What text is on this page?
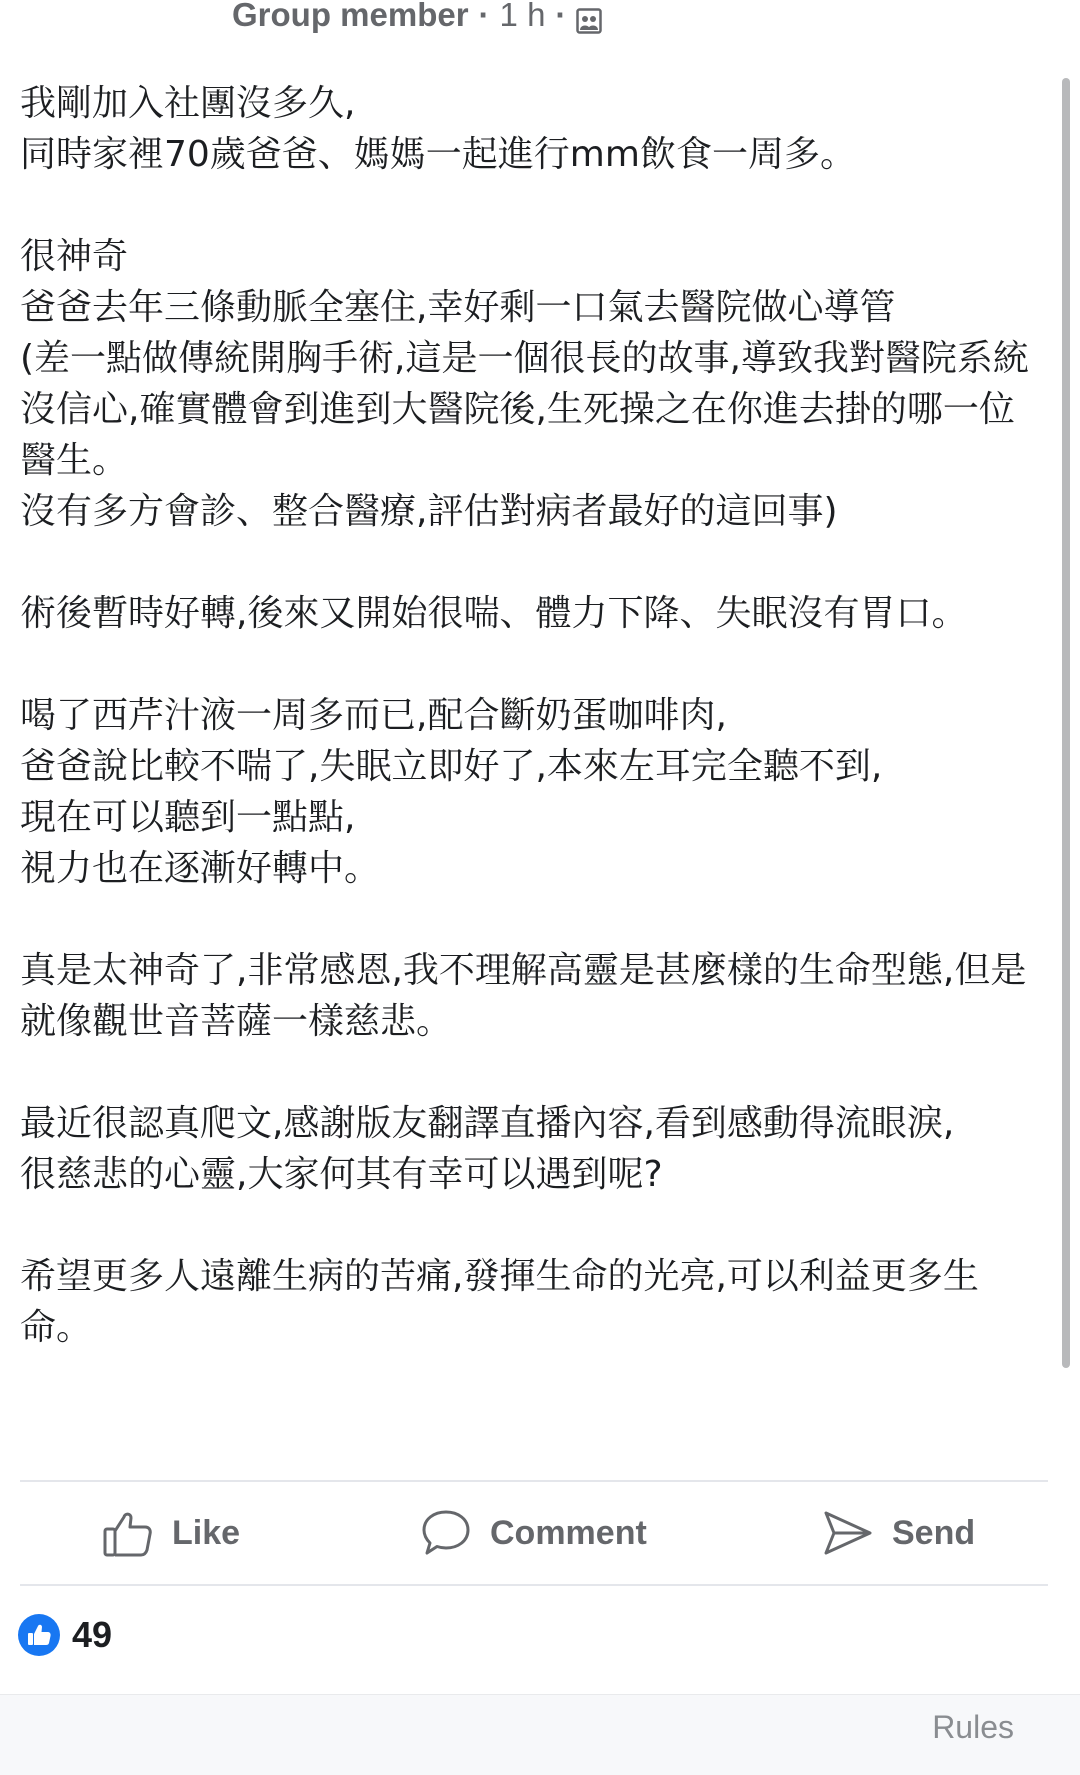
Group member · 1 h ·

我剛加入社團沒多久,
同時家裡70歲爸爸、媽媽一起進行mm飲食一周多。

很神奇
爸爸去年三條動脈全塞住,幸好剩一口氣去醫院做心導管
(差一點做傳統開胸手術,這是一個很長的故事,導致我對醫院系統沒信心,確實體會到進到大醫院後,生死操之在你進去掛的哪一位醫生。
沒有多方會診、整合醫療,評估對病者最好的這回事)

術後暫時好轉,後來又開始很喘、體力下降、失眠沒有胃口。

喝了西芹汁液一周多而已,配合斷奶蛋咖啡肉,
爸爸說比較不喘了,失眠立即好了,本來左耳完全聽不到,
現在可以聽到一點點,
視力也在逐漸好轉中。

真是太神奇了,非常感恩,我不理解高靈是甚麼樣的生命型態,但是就像觀世音菩薩一樣慈悲。

最近很認真爬文,感謝版友翻譯直播內容,看到感動得流眼淚,
很慈悲的心靈,大家何其有幸可以遇到呢?

希望更多人遠離生病的苦痛,發揮生命的光亮,可以利益更多生命。

Like	Comment	Send
49
Rules
